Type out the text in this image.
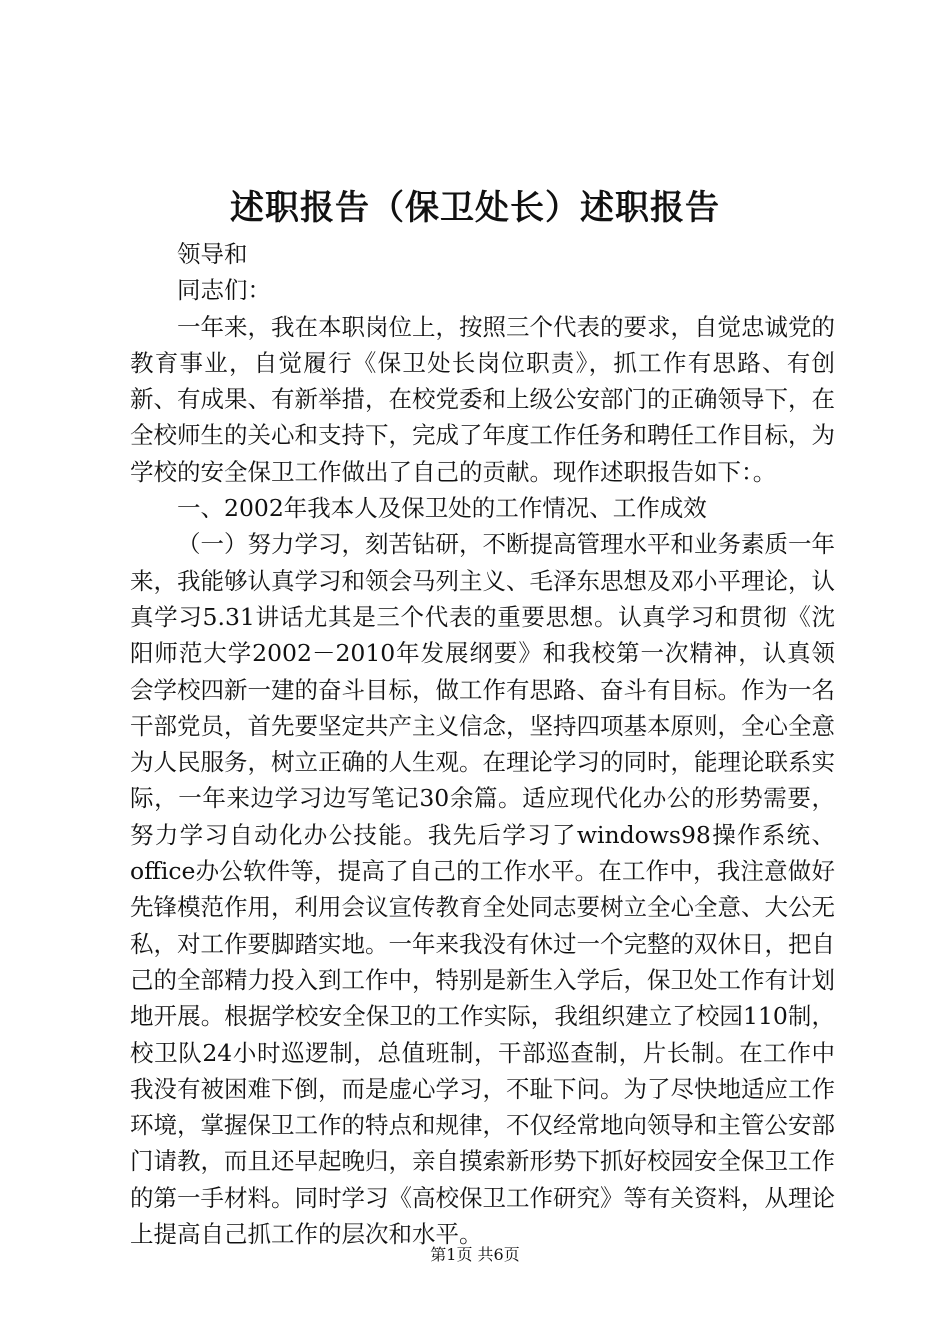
述职报告（保卫处长）述职报告

领导和

同志们：

一年来，我在本职岗位上，按照三个代表的要求，自觉忠诚党的教育事业，自觉履行《保卫处长岗位职责》，抓工作有思路、有创新、有成果、有新举措，在校党委和上级公安部门的正确领导下，在全校师生的关心和支持下，完成了年度工作任务和聘任工作目标，为学校的安全保卫工作做出了自己的贡献。现作述职报告如下：。

一、2002年我本人及保卫处的工作情况、工作成效

（一）努力学习，刻苦钻研，不断提高管理水平和业务素质一年来，我能够认真学习和领会马列主义、毛泽东思想及邓小平理论，认真学习5.31讲话尤其是三个代表的重要思想。认真学习和贯彻《沈阳师范大学2002－2010年发展纲要》和我校第一次精神，认真领会学校四新一建的奋斗目标，做工作有思路、奋斗有目标。作为一名干部党员，首先要坚定共产主义信念，坚持四项基本原则，全心全意为人民服务，树立正确的人生观。在理论学习的同时，能理论联系实际，一年来边学习边写笔记30余篇。适应现代化办公的形势需要，努力学习自动化办公技能。我先后学习了windows98操作系统、office办公软件等，提高了自己的工作水平。在工作中，我注意做好先锋模范作用，利用会议宣传教育全处同志要树立全心全意、大公无私，对工作要脚踏实地。一年来我没有休过一个完整的双休日，把自己的全部精力投入到工作中，特别是新生入学后，保卫处工作有计划地开展。根据学校安全保卫的工作实际，我组织建立了校园110制，校卫队24小时巡逻制，总值班制，干部巡查制，片长制。在工作中我没有被困难下倒，而是虚心学习，不耻下问。为了尽快地适应工作环境，掌握保卫工作的特点和规律，不仅经常地向领导和主管公安部门请教，而且还早起晚归，亲自摸索新形势下抓好校园安全保卫工作的第一手材料。同时学习《高校保卫工作研究》等有关资料，从理论上提高自己抓工作的层次和水平。

第1页 共6页
